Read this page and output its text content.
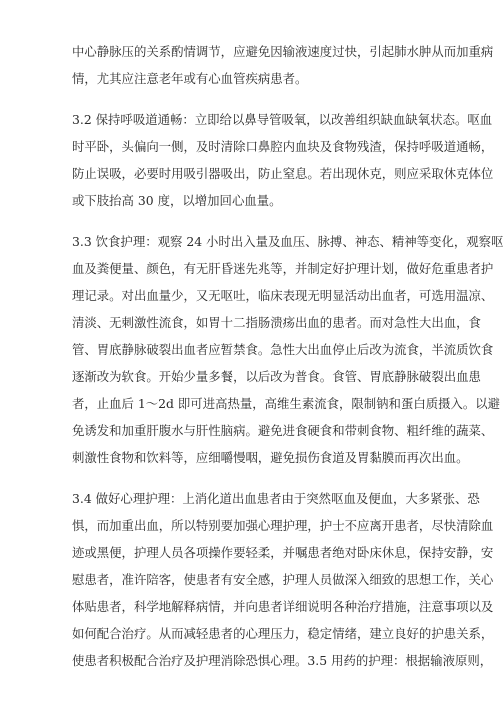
中心静脉压的关系酌情调节，应避免因输液速度过快，引起肺水肿从而加重病
情，尤其应注意老年或有心血管疾病患者。

3.2 保持呼吸道通畅：立即给以鼻导管吸氧，以改善组织缺血缺氧状态。呕血
时平卧，头偏向一侧，及时清除口鼻腔内血块及食物残渣，保持呼吸道通畅，
防止误吸，必要时用吸引器吸出，防止窒息。若出现休克，则应采取休克体位
或下肢抬高 30 度，以增加回心血量。

3.3 饮食护理：观察 24 小时出入量及血压、脉搏、神态、精神等变化，观察呕
血及粪便量、颜色，有无肝昏迷先兆等，并制定好护理计划，做好危重患者护
理记录。对出血量少，又无呕吐，临床表现无明显活动出血者，可选用温凉、
清淡、无刺激性流食，如胃十二指肠溃疡出血的患者。而对急性大出血，食
管、胃底静脉破裂出血者应暂禁食。急性大出血停止后改为流食，半流质饮食
逐渐改为软食。开始少量多餐，以后改为普食。食管、胃底静脉破裂出血患
者，止血后 1～2d 即可进高热量，高维生素流食，限制钠和蛋白质摄入。以避
免诱发和加重肝腹水与肝性脑病。避免进食硬食和带刺食物、粗纤维的蔬菜、
刺激性食物和饮料等，应细嚼慢咽，避免损伤食道及胃黏膜而再次出血。

3.4 做好心理护理：上消化道出血患者由于突然呕血及便血，大多紧张、恐
惧，而加重出血，所以特别要加强心理护理，护士不应离开患者，尽快清除血
迹或黑便，护理人员各项操作要轻柔，并嘱患者绝对卧床休息，保持安静，安
慰患者，准许陪客，使患者有安全感，护理人员做深入细致的思想工作，关心
体贴患者，科学地解释病情，并向患者详细说明各种治疗措施，注意事项以及
如何配合治疗。从而减轻患者的心理压力，稳定情绪，建立良好的护患关系，
使患者积极配合治疗及护理消除恐惧心理。3.5 用药的护理：根据输液原则，
